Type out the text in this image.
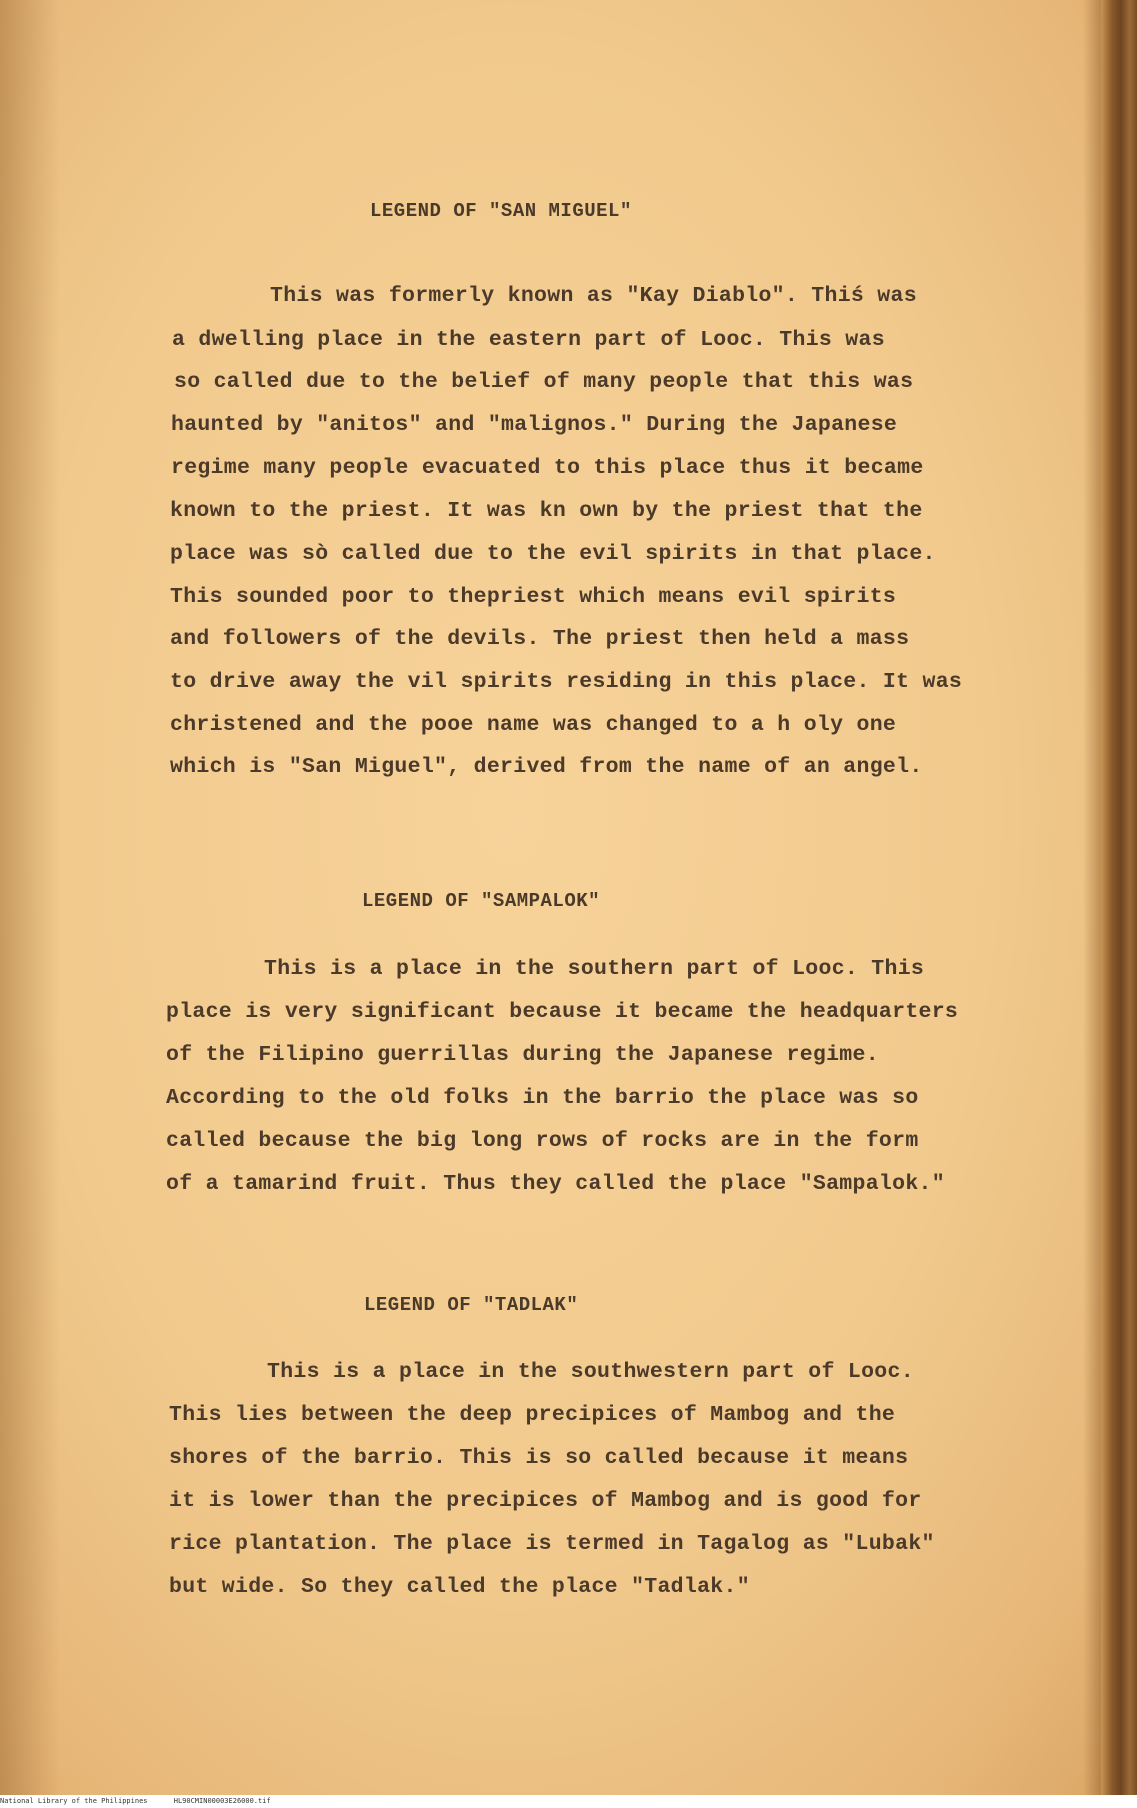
LEGEND OF "SAN MIGUEL"
This was formerly known as "Kay Diablo". Thiś was
a dwelling place in the eastern part of Looc. This was
so called due to the belief of many people that this was
haunted by "anitos" and "malignos." During the Japanese
regime many people evacuated to this place thus it became
known to the priest. It was kn own by the priest that the
place was sò called due to the evil spirits in that place.
This sounded poor to thepriest which means evil spirits
and followers of the devils. The priest then held a mass
to drive away the vil spirits residing in this place. It was
christened and the pooe name was changed to a h oly one
which is "San Miguel", derived from the name of an angel.
LEGEND OF "SAMPALOK"
This is a place in the southern part of Looc. This
place is very significant because it became the headquarters
of the Filipino guerrillas during the Japanese regime.
According to the old folks in the barrio the place was so
called because the big long rows of rocks are in the form
of a tamarind fruit. Thus they called the place "Sampalok."
LEGEND OF "TADLAK"
This is a place in the southwestern part of Looc.
This lies between the deep precipices of Mambog and the
shores of the barrio. This is so called because it means
it is lower than the precipices of Mambog and is good for
rice plantation. The place is termed in Tagalog as "Lubak"
but wide. So they called the place "Tadlak."
National Library of the Philippines	HL90CMIN00003E26000.tif
